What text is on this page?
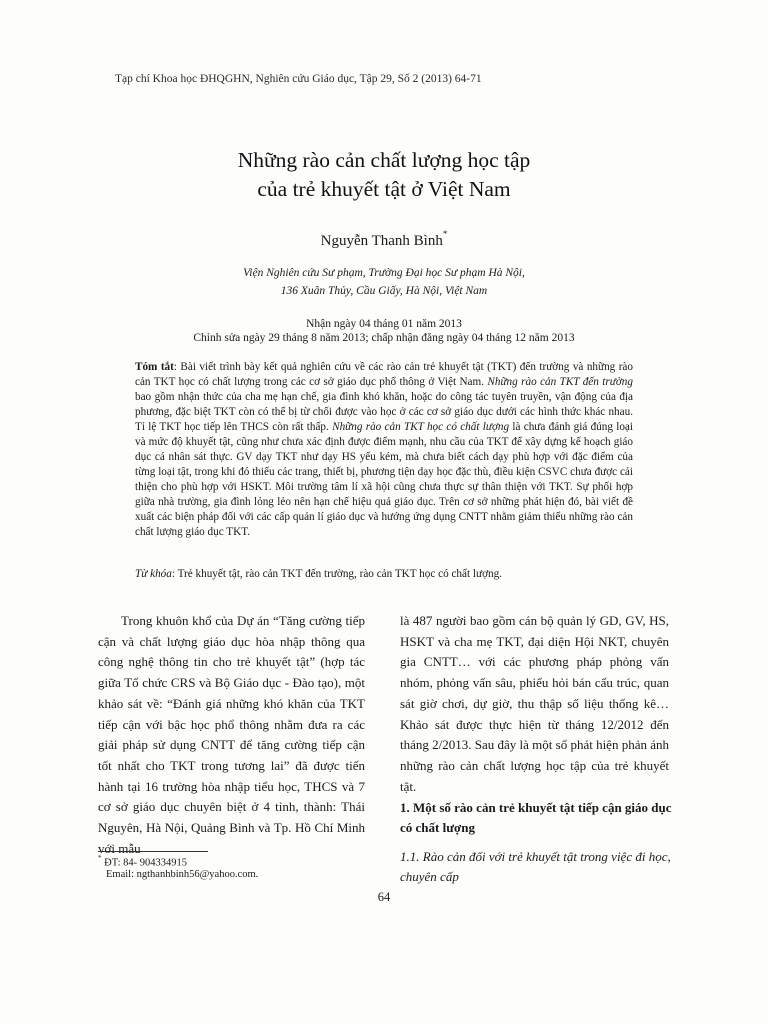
Tạp chí Khoa học ĐHQGHN, Nghiên cứu Giáo dục, Tập 29, Số 2 (2013) 64-71
Những rào cản chất lượng học tập
của trẻ khuyết tật ở Việt Nam
Nguyễn Thanh Bình*
Viện Nghiên cứu Sư phạm, Trường Đại học Sư phạm Hà Nội,
136 Xuân Thủy, Cầu Giấy, Hà Nội, Việt Nam
Nhận ngày 04 tháng 01 năm 2013
Chỉnh sửa ngày 29 tháng 8 năm 2013; chấp nhận đăng ngày 04 tháng 12 năm 2013
Tóm tắt: Bài viết trình bày kết quả nghiên cứu về các rào cản trẻ khuyết tật (TKT) đến trường và những rào cản TKT học có chất lượng trong các cơ sở giáo dục phổ thông ở Việt Nam. Những rào cản TKT đến trường bao gồm nhận thức của cha mẹ hạn chế, gia đình khó khăn, hoặc do công tác tuyên truyền, vận động của địa phương, đặc biệt TKT còn có thể bị từ chối được vào học ở các cơ sở giáo dục dưới các hình thức khác nhau. Tỉ lệ TKT học tiếp lên THCS còn rất thấp. Những rào cản TKT học có chất lượng là chưa đánh giá đúng loại và mức độ khuyết tật, cũng như chưa xác định được điểm mạnh, nhu cầu của TKT để xây dựng kế hoạch giáo dục cá nhân sát thực. GV dạy TKT như dạy HS yếu kém, mà chưa biết cách dạy phù hợp với đặc điểm của từng loại tật, trong khi đó thiếu các trang, thiết bị, phương tiện dạy học đặc thù, điều kiện CSVC chưa được cải thiện cho phù hợp với HSKT. Môi trường tâm lí xã hội cũng chưa thực sự thân thiện với TKT. Sự phối hợp giữa nhà trường, gia đình lỏng lẻo nên hạn chế hiệu quả giáo dục. Trên cơ sở những phát hiện đó, bài viết đề xuất các biện pháp đối với các cấp quản lí giáo dục và hướng ứng dụng CNTT nhằm giảm thiểu những rào cản chất lượng giáo dục TKT.
Từ khóa: Trẻ khuyết tật, rào cản TKT đến trường, rào cản TKT học có chất lượng.

Trong khuôn khổ của Dự án “Tăng cường tiếp cận và chất lượng giáo dục hòa nhập thông qua công nghệ thông tin cho trẻ khuyết tật” (hợp tác giữa Tổ chức CRS và Bộ Giáo dục - Đào tạo), một khảo sát về: “Đánh giá những khó khăn của TKT tiếp cận với bậc học phổ thông nhằm đưa ra các giải pháp sử dụng CNTT để tăng cường tiếp cận tốt nhất cho TKT trong tương lai” đã được tiến hành tại 16 trường hòa nhập tiểu học, THCS và 7 cơ sở giáo dục chuyên biệt ở 4 tỉnh, thành: Thái Nguyên, Hà Nội, Quảng Bình và Tp. Hồ Chí Minh với mẫu

là 487 người bao gồm cán bộ quản lý GD, GV, HS, HSKT và cha mẹ TKT, đại diện Hội NKT, chuyên gia CNTT… với các phương pháp phỏng vấn nhóm, phỏng vấn sâu, phiếu hỏi bán cấu trúc, quan sát giờ chơi, dự giờ, thu thập số liệu thống kê… Khảo sát được thực hiện từ tháng 12/2012 đến tháng 2/2013. Sau đây là một số phát hiện phản ánh những rào cản chất lượng học tập của trẻ khuyết tật.

1. Một số rào cản trẻ khuyết tật tiếp cận giáo dục có chất lượng
1.1. Rào cản đối với trẻ khuyết tật trong việc đi học, chuyên cấp
* ĐT: 84- 904334915
Email: ngthanhbinh56@yahoo.com.
64
